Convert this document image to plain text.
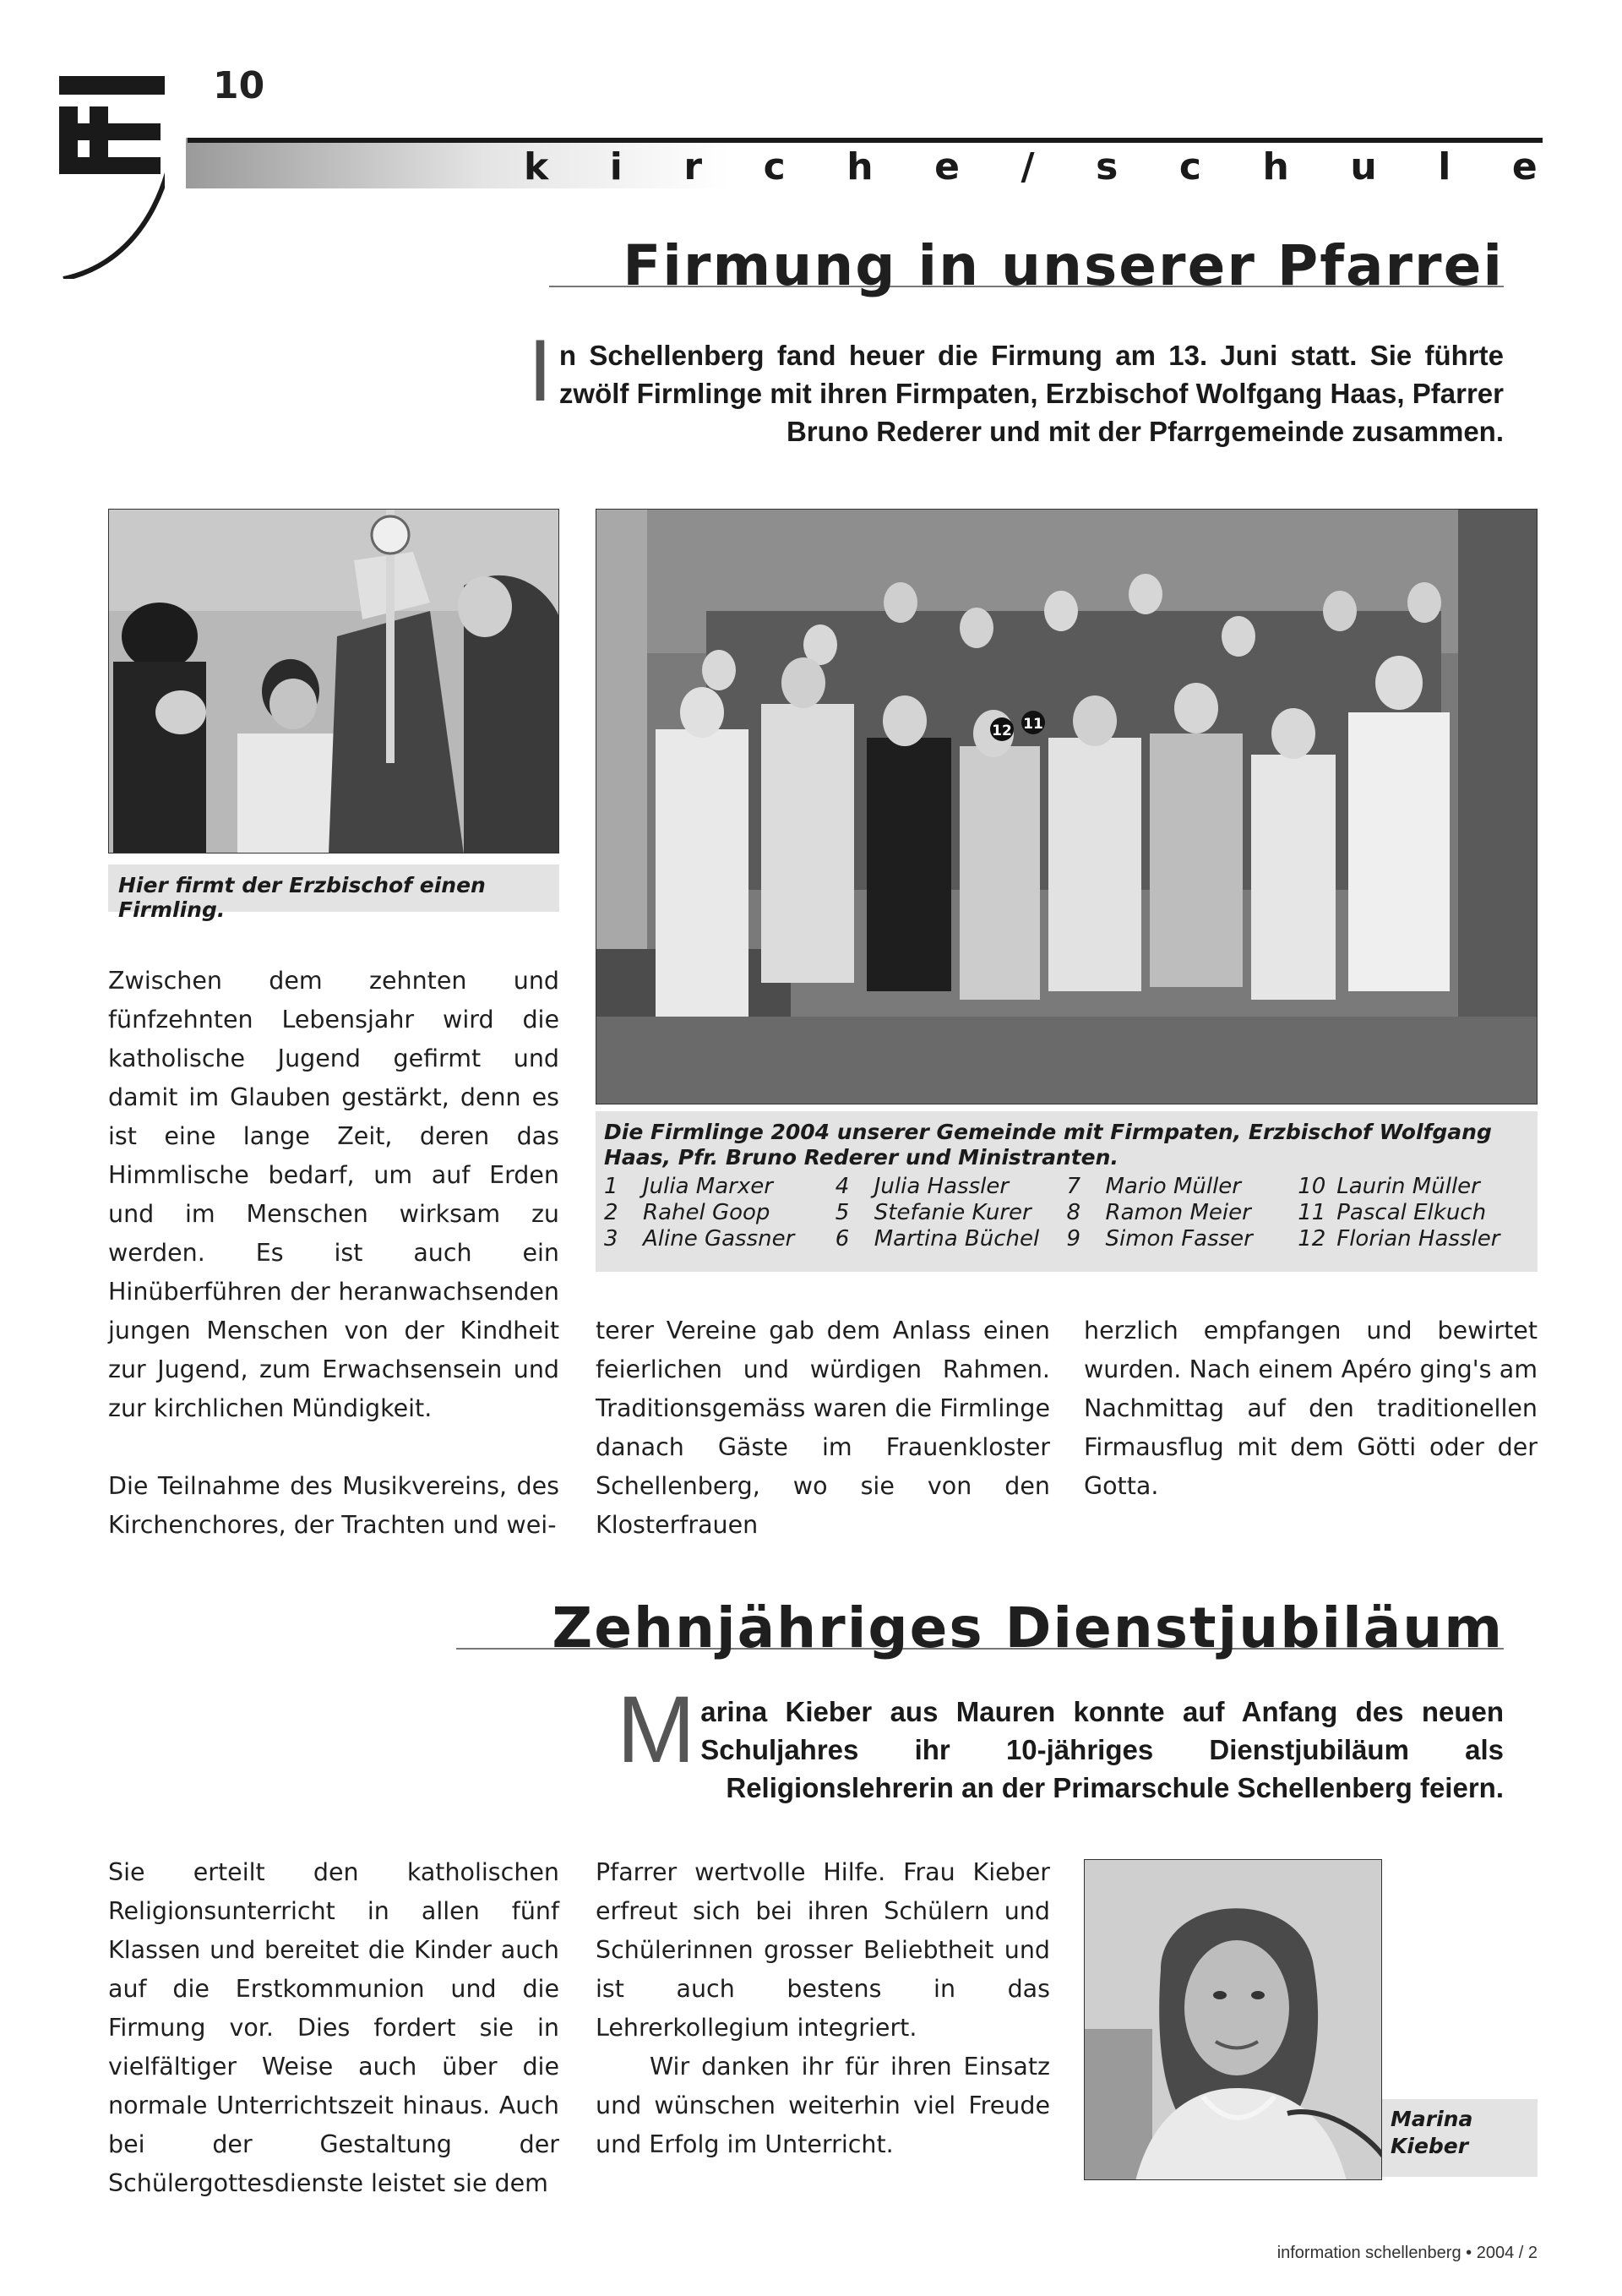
10
k i r c h e / s c h u l e
Firmung in unserer Pfarrei
In Schellenberg fand heuer die Firmung am 13. Juni statt. Sie führte zwölf Firmlinge mit ihren Firmpaten, Erzbischof Wolfgang Haas, Pfarrer Bruno Rederer und mit der Pfarrgemeinde zusammen.
Hier firmt der Erzbischof einen Firmling.
12 11
Die Firmlinge 2004 unserer Gemeinde mit Firmpaten, Erzbischof Wolfgang Haas, Pfr. Bruno Rederer und Ministranten.
1 Julia Marxer	4 Julia Hassler	7 Mario Müller	10 Laurin Müller
2 Rahel Goop	5 Stefanie Kurer	8 Ramon Meier	11 Pascal Elkuch
3 Aline Gassner	6 Martina Büchel	9 Simon Fasser	12 Florian Hassler

Zwischen dem zehnten und fünfzehnten Lebensjahr wird die katholische Jugend gefirmt und damit im Glauben gestärkt, denn es ist eine lange Zeit, deren das Himmlische bedarf, um auf Erden und im Menschen wirksam zu werden. Es ist auch ein Hinüberführen der heranwachsenden jungen Menschen von der Kindheit zur Jugend, zum Erwachsensein und zur kirchlichen Mündigkeit.

Die Teilnahme des Musikvereins, des Kirchenchores, der Trachten und wei-

terer Vereine gab dem Anlass einen feierlichen und würdigen Rahmen. Traditionsgemäss waren die Firmlinge danach Gäste im Frauenkloster Schellenberg, wo sie von den Klosterfrauen

herzlich empfangen und bewirtet wurden. Nach einem Apéro ging's am Nachmittag auf den traditionellen Firmausflug mit dem Götti oder der Gotta.

Zehnjähriges Dienstjubiläum
Marina Kieber aus Mauren konnte auf Anfang des neuen Schuljahres ihr 10-jähriges Dienstjubiläum als Religionslehrerin an der Primarschule Schellenberg feiern.

Sie erteilt den katholischen Religionsunterricht in allen fünf Klassen und bereitet die Kinder auch auf die Erstkommunion und die Firmung vor. Dies fordert sie in vielfältiger Weise auch über die normale Unterrichtszeit hinaus. Auch bei der Gestaltung der Schülergottesdienste leistet sie dem

Pfarrer wertvolle Hilfe. Frau Kieber erfreut sich bei ihren Schülern und Schülerinnen grosser Beliebtheit und ist auch bestens in das Lehrerkollegium integriert.

Wir danken ihr für ihren Einsatz und wünschen weiterhin viel Freude und Erfolg im Unterricht.

Marina Kieber
information schellenberg • 2004 / 2
